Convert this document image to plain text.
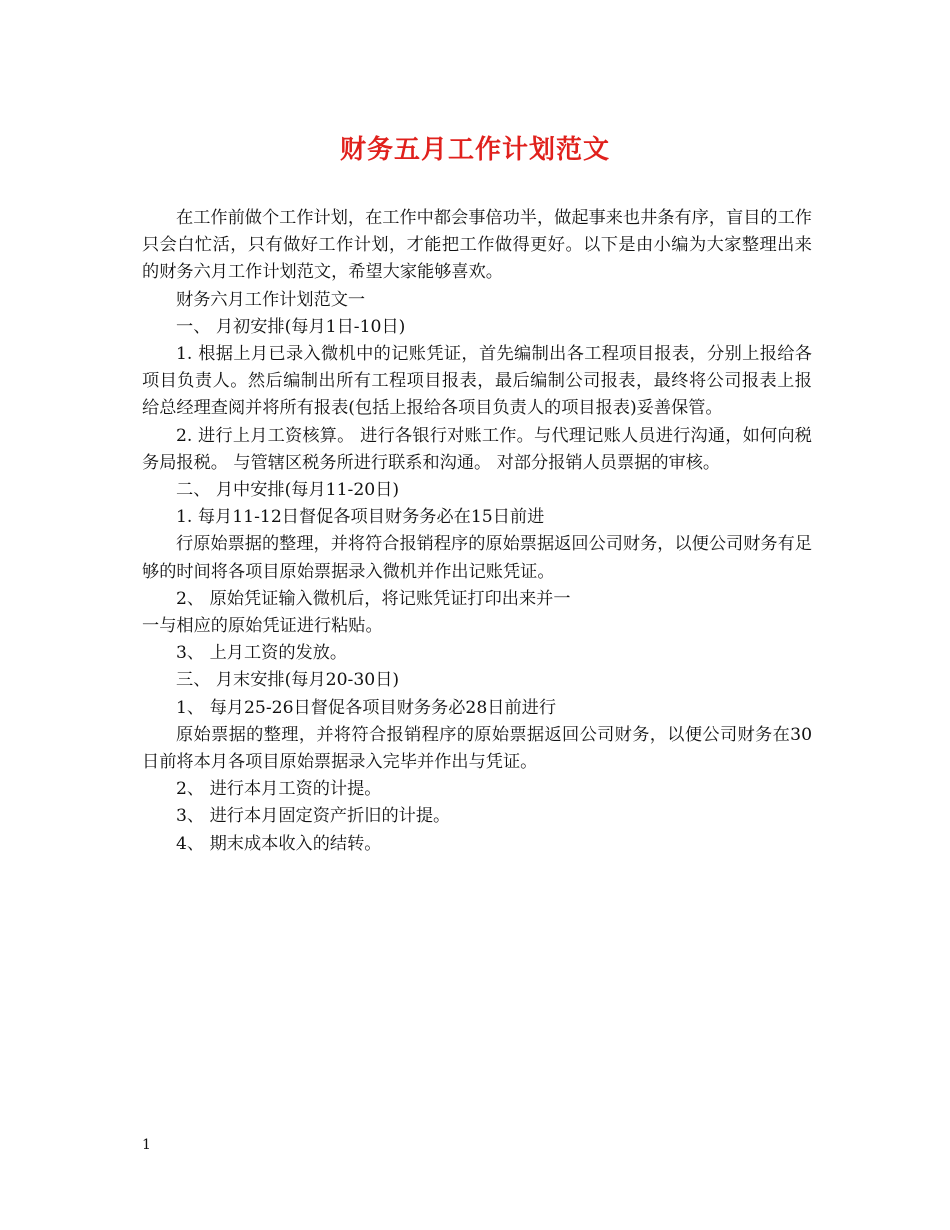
财务五月工作计划范文

在工作前做个工作计划，在工作中都会事倍功半，做起事来也井条有序，盲目的工作只会白忙活，只有做好工作计划，才能把工作做得更好。以下是由小编为大家整理出来的财务六月工作计划范文，希望大家能够喜欢。

财务六月工作计划范文一

一、 月初安排(每月1日-10日)

1. 根据上月已录入微机中的记账凭证，首先编制出各工程项目报表，分别上报给各项目负责人。然后编制出所有工程项目报表，最后编制公司报表，最终将公司报表上报给总经理查阅并将所有报表(包括上报给各项目负责人的项目报表)妥善保管。

2. 进行上月工资核算。 进行各银行对账工作。与代理记账人员进行沟通，如何向税务局报税。 与管辖区税务所进行联系和沟通。 对部分报销人员票据的审核。

二、 月中安排(每月11-20日)

1. 每月11-12日督促各项目财务务必在15日前进

行原始票据的整理，并将符合报销程序的原始票据返回公司财务，以便公司财务有足够的时间将各项目原始票据录入微机并作出记账凭证。

2、 原始凭证输入微机后，将记账凭证打印出来并一

一与相应的原始凭证进行粘贴。

3、 上月工资的发放。

三、 月末安排(每月20-30日)

1、 每月25-26日督促各项目财务务必28日前进行

原始票据的整理，并将符合报销程序的原始票据返回公司财务，以便公司财务在30日前将本月各项目原始票据录入完毕并作出与凭证。

2、 进行本月工资的计提。

3、 进行本月固定资产折旧的计提。

4、 期末成本收入的结转。

1
